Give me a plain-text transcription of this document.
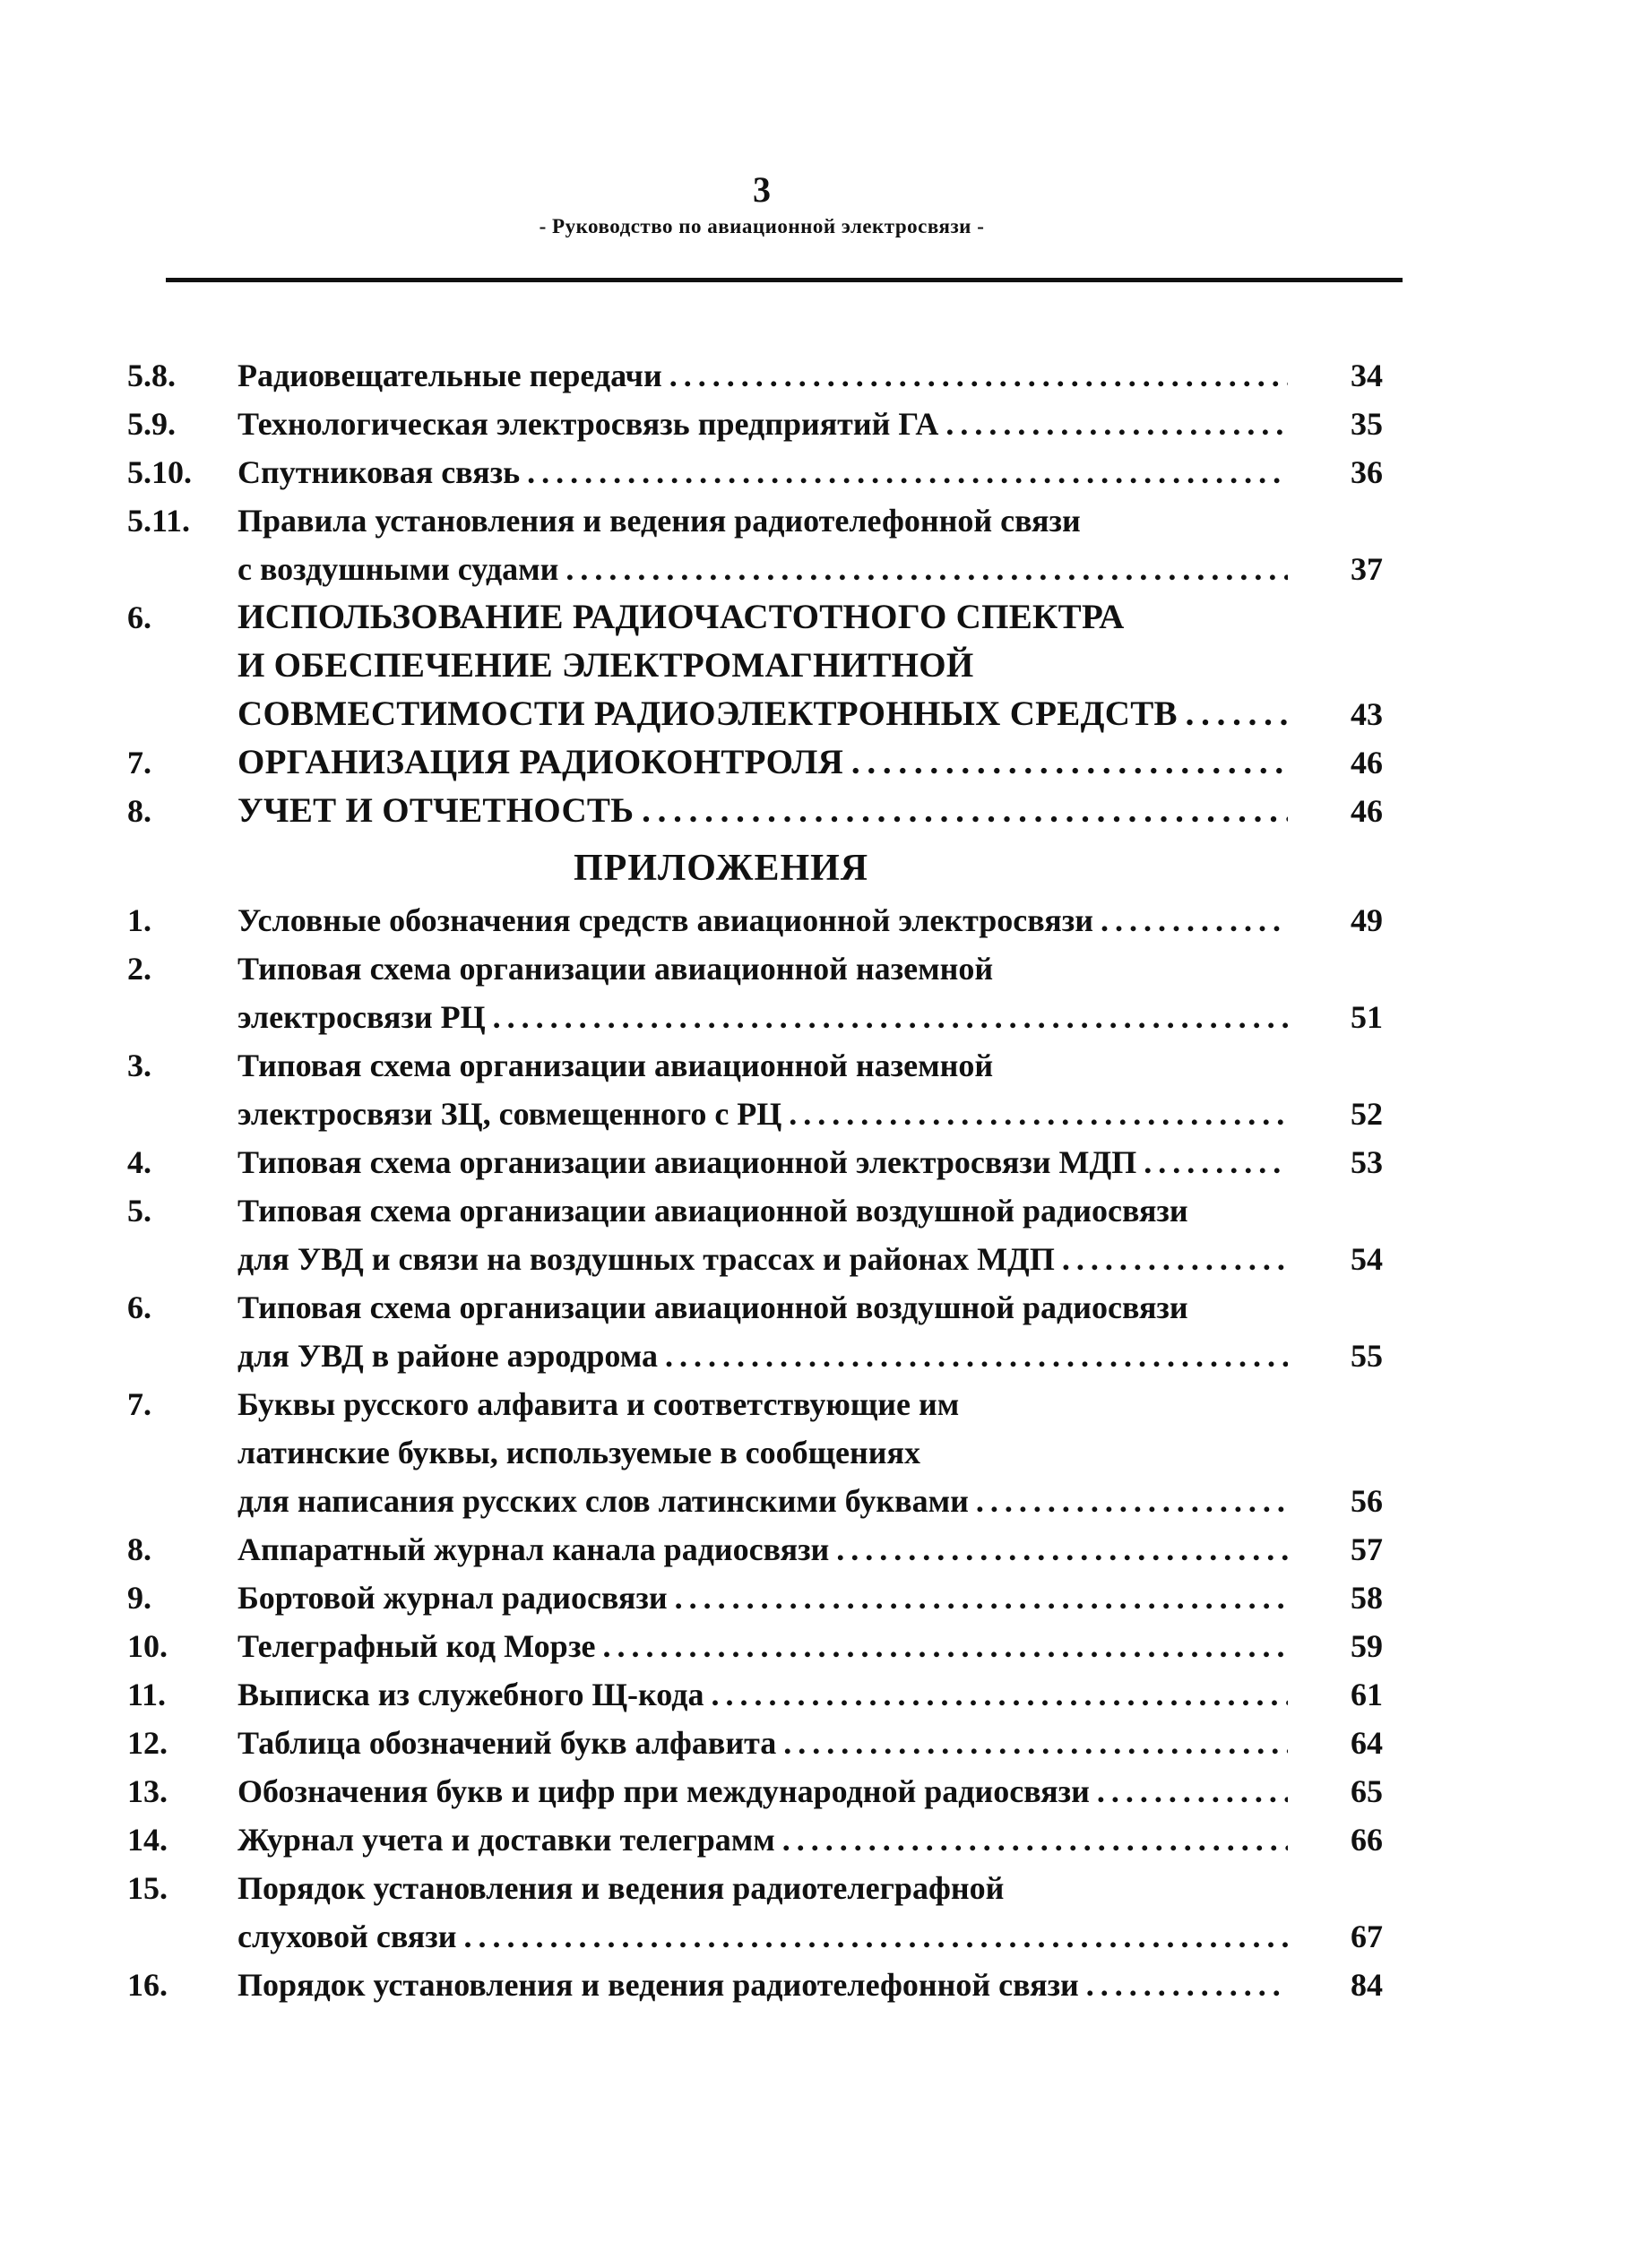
3
- Руководство по авиационной электросвязи -
ПРИЛОЖЕНИЯ
5.8. Радиовещательные передачи . . .	34
5.9. Технологическая электросвязь предприятий ГА . . .	35
5.10. Спутниковая связь . . .	36
5.11. Правила установления и ведения радиотелефонной связи
с воздушными судами . . .	37
6. ИСПОЛЬЗОВАНИЕ РАДИОЧАСТОТНОГО СПЕКТРА
И ОБЕСПЕЧЕНИЕ ЭЛЕКТРОМАГНИТНОЙ
СОВМЕСТИМОСТИ РАДИОЭЛЕКТРОННЫХ СРЕДСТВ . . .	43
7. ОРГАНИЗАЦИЯ РАДИОКОНТРОЛЯ . . .	46
8. УЧЕТ И ОТЧЕТНОСТЬ . . .	46
1.	Условные обозначения средств авиационной электросвязи . . .	49
2.	Типовая схема организации авиационной наземной
электросвязи РЦ . . .	51
3.	Типовая схема организации авиационной наземной
электросвязи ЗЦ, совмещенного с РЦ . . .	52
4.	Типовая схема организации авиационной электросвязи МДП . . .	53
5.	Типовая схема организации авиационной воздушной радиосвязи
для УВД и связи на воздушных трассах и районах МДП . . .	54
6.	Типовая схема организации авиационной воздушной радиосвязи
для УВД в районе аэродрома . . .	55
7.	Буквы русского алфавита и соответствующие им
латинские буквы, используемые в сообщениях
для написания русских слов латинскими буквами . . .	56
8.	Аппаратный журнал канала радиосвязи . . .	57
9.	Бортовой журнал радиосвязи . . .	58
10. Телеграфный код Морзе . . .	59
11. Выписка из служебного Щ-кода . . .	61
12. Таблица обозначений букв алфавита . . .	64
13. Обозначения букв и цифр при международной радиосвязи . . .	65
14. Журнал учета и доставки телеграмм . . .	66
15. Порядок установления и ведения радиотелеграфной
слуховой связи . . .	67
16. Порядок установления и ведения радиотелефонной связи . . .	84
